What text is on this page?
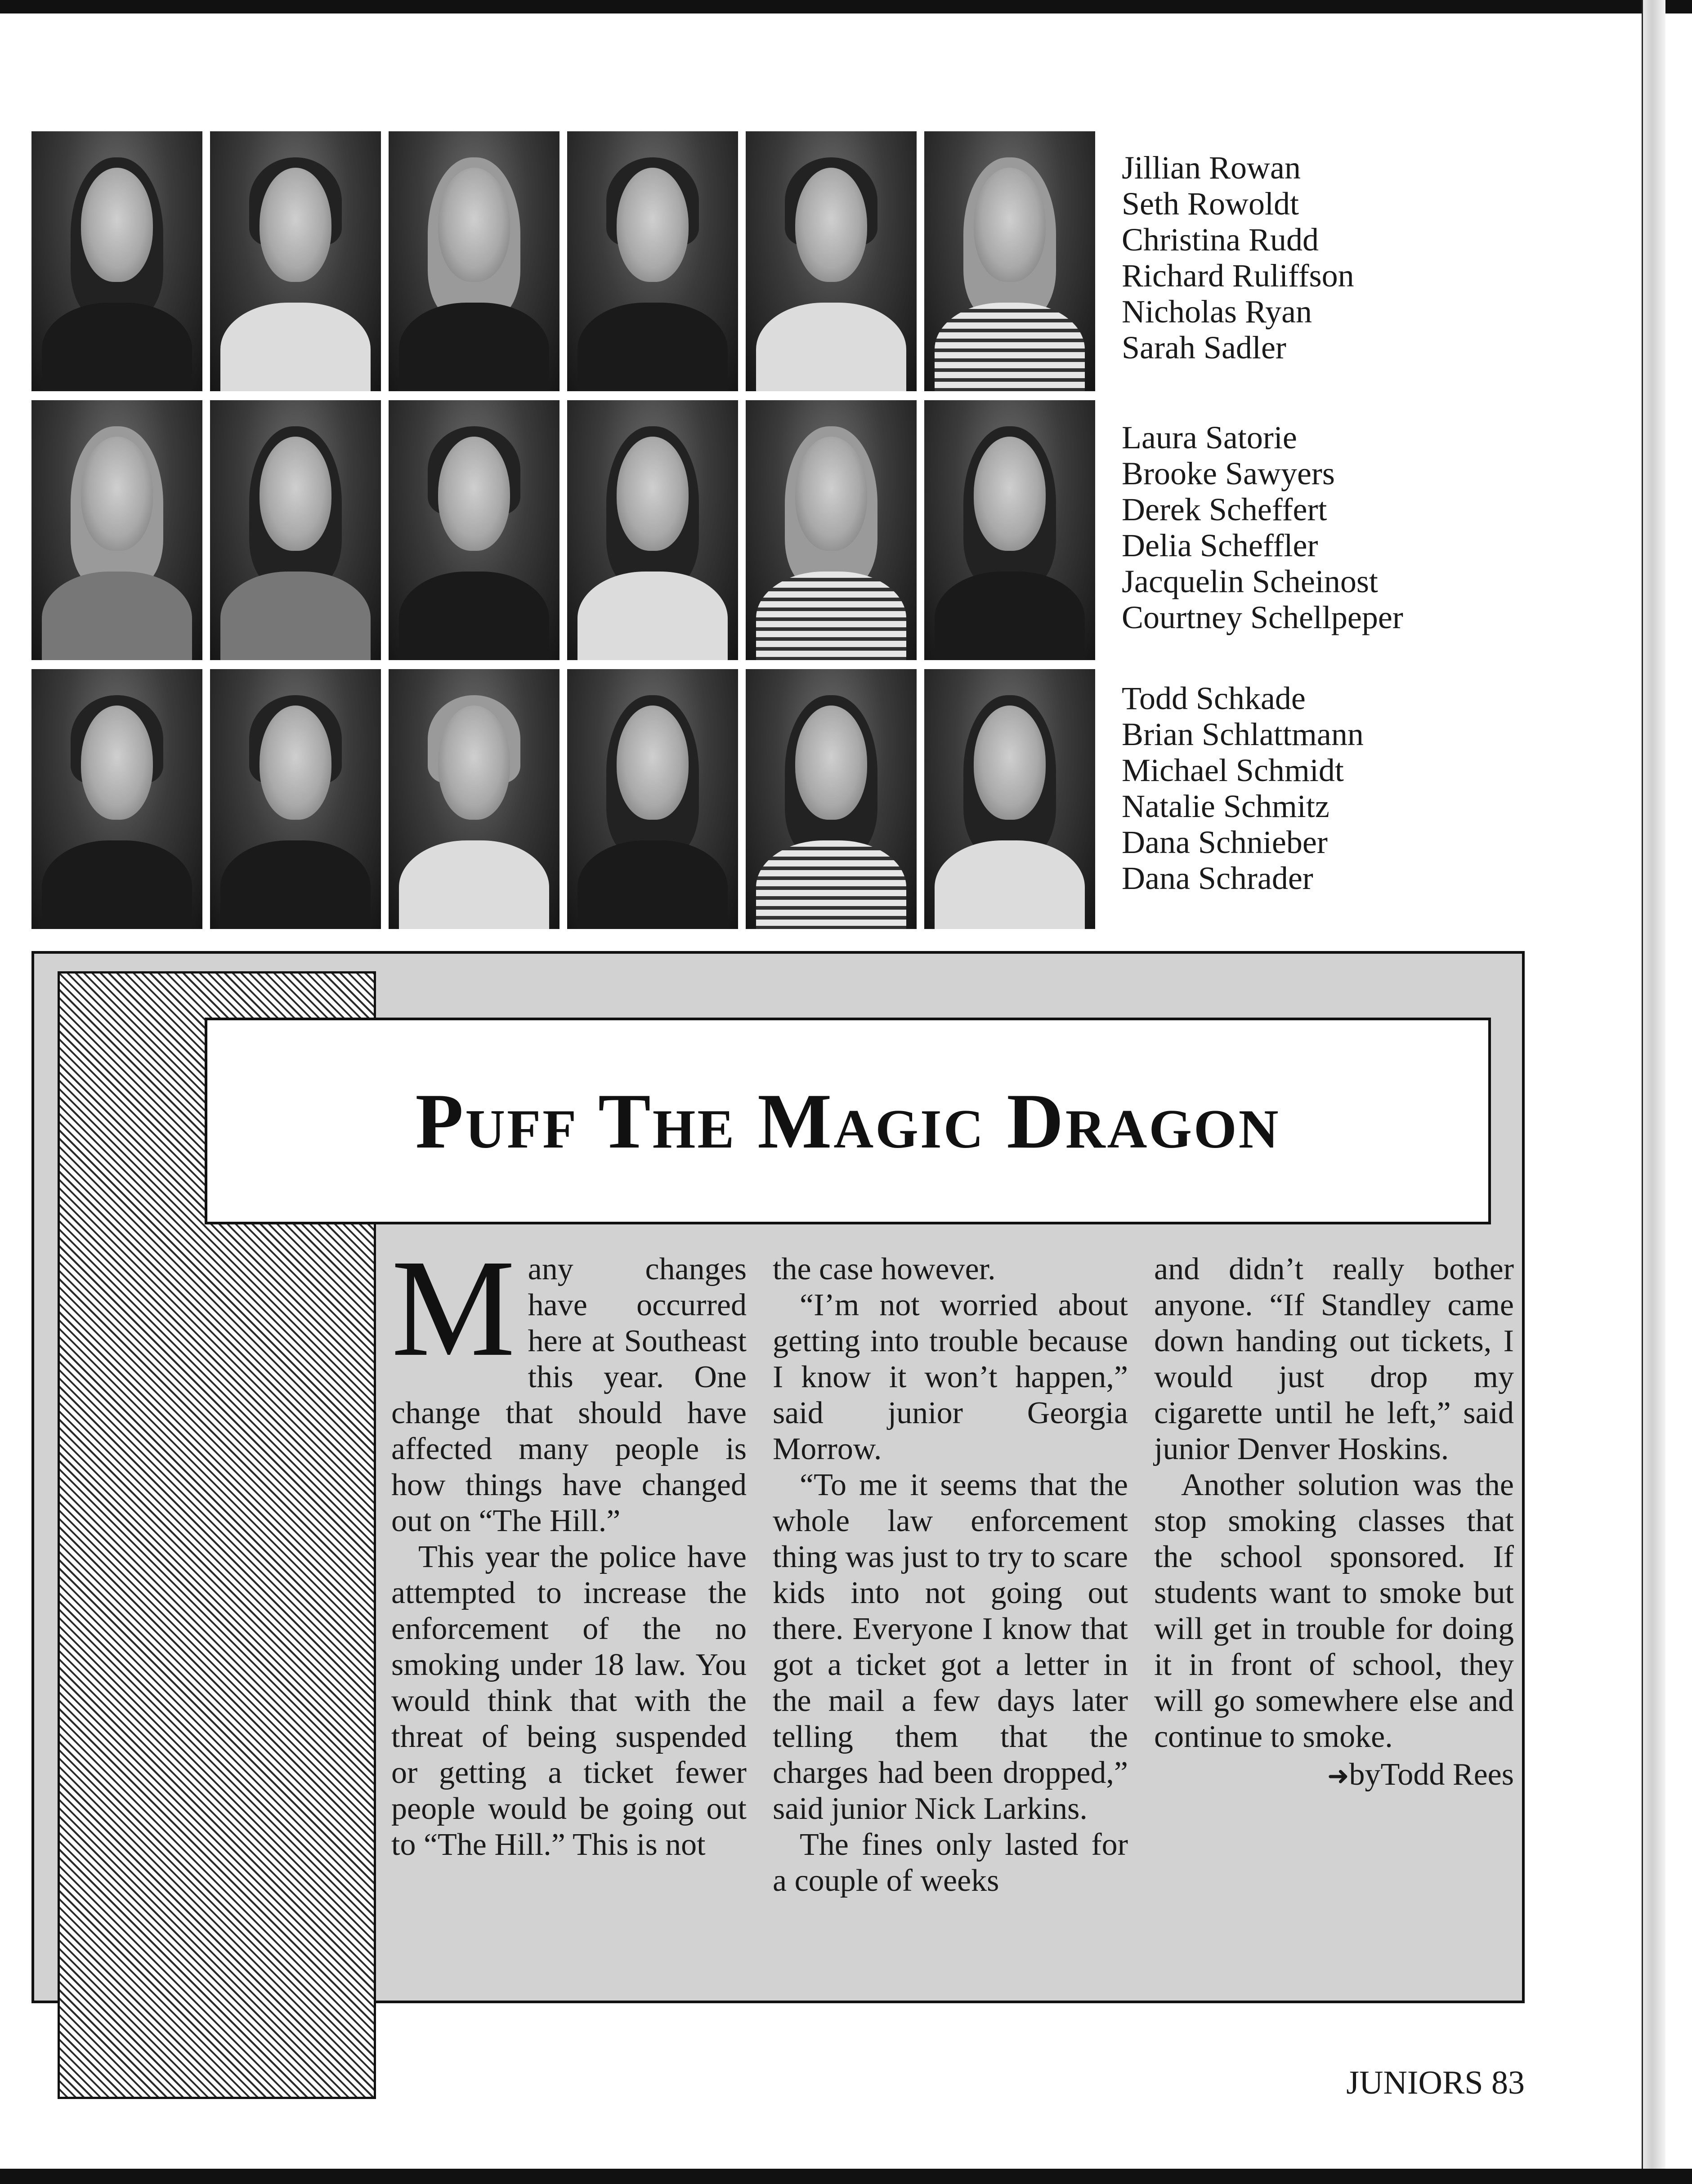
Jillian Rowan
Seth Rowoldt
Christina Rudd
Richard Ruliffson
Nicholas Ryan
Sarah Sadler
Laura Satorie
Brooke Sawyers
Derek Scheffert
Delia Scheffler
Jacquelin Scheinost
Courtney Schellpeper
Todd Schkade
Brian Schlattmann
Michael Schmidt
Natalie Schmitz
Dana Schnieber
Dana Schrader
Puff The Magic Dragon

Many changes have occurred here at Southeast this year. One change that should have affected many people is how things have changed out on “The Hill.”

This year the police have attempted to increase the enforcement of the no smoking under 18 law. You would think that with the threat of being suspended or getting a ticket fewer people would be going out to “The Hill.” This is not

the case however.

“I’m not worried about getting into trouble because I know it won’t happen,” said junior Georgia Morrow.

“To me it seems that the whole law enforcement thing was just to try to scare kids into not going out there. Everyone I know that got a ticket got a letter in the mail a few days later telling them that the charges had been dropped,” said junior Nick Larkins.

The fines only lasted for a couple of weeks

and didn’t really bother anyone. “If Standley came down handing out tickets, I would just drop my cigarette until he left,” said junior Denver Hoskins.

Another solution was the stop smoking classes that the school sponsored. If students want to smoke but will get in trouble for doing it in front of school, they will go somewhere else and continue to smoke.

➜byTodd Rees
JUNIORS 83
